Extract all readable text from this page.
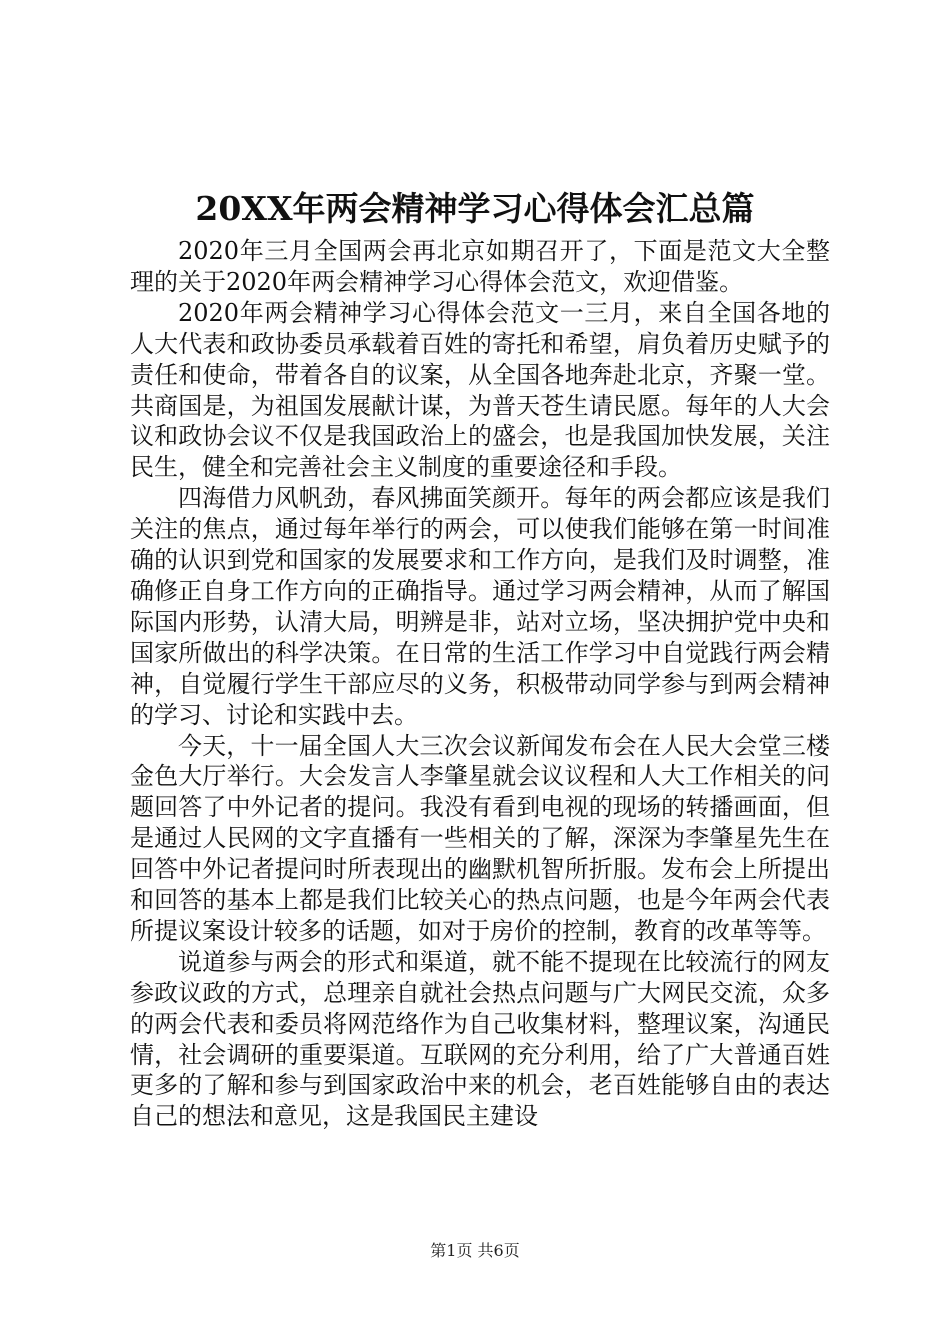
20XX年两会精神学习心得体会汇总篇

2020年三月全国两会再北京如期召开了，下面是范文大全整理的关于2020年两会精神学习心得体会范文，欢迎借鉴。

2020年两会精神学习心得体会范文一三月，来自全国各地的人大代表和政协委员承载着百姓的寄托和希望，肩负着历史赋予的责任和使命，带着各自的议案，从全国各地奔赴北京，齐聚一堂。共商国是，为祖国发展献计谋，为普天苍生请民愿。每年的人大会议和政协会议不仅是我国政治上的盛会，也是我国加快发展，关注民生，健全和完善社会主义制度的重要途径和手段。

四海借力风帆劲，春风拂面笑颜开。每年的两会都应该是我们关注的焦点，通过每年举行的两会，可以使我们能够在第一时间准确的认识到党和国家的发展要求和工作方向，是我们及时调整，准确修正自身工作方向的正确指导。通过学习两会精神，从而了解国际国内形势，认清大局，明辨是非，站对立场，坚决拥护党中央和国家所做出的科学决策。在日常的生活工作学习中自觉践行两会精神，自觉履行学生干部应尽的义务，积极带动同学参与到两会精神的学习、讨论和实践中去。

今天，十一届全国人大三次会议新闻发布会在人民大会堂三楼金色大厅举行。大会发言人李肇星就会议议程和人大工作相关的问题回答了中外记者的提问。我没有看到电视的现场的转播画面，但是通过人民网的文字直播有一些相关的了解，深深为李肇星先生在回答中外记者提问时所表现出的幽默机智所折服。发布会上所提出和回答的基本上都是我们比较关心的热点问题，也是今年两会代表所提议案设计较多的话题，如对于房价的控制，教育的改革等等。

说道参与两会的形式和渠道，就不能不提现在比较流行的网友参政议政的方式，总理亲自就社会热点问题与广大网民交流，众多的两会代表和委员将网范络作为自己收集材料，整理议案，沟通民情，社会调研的重要渠道。互联网的充分利用，给了广大普通百姓更多的了解和参与到国家政治中来的机会，老百姓能够自由的表达自己的想法和意见，这是我国民主建设

第1页 共6页
